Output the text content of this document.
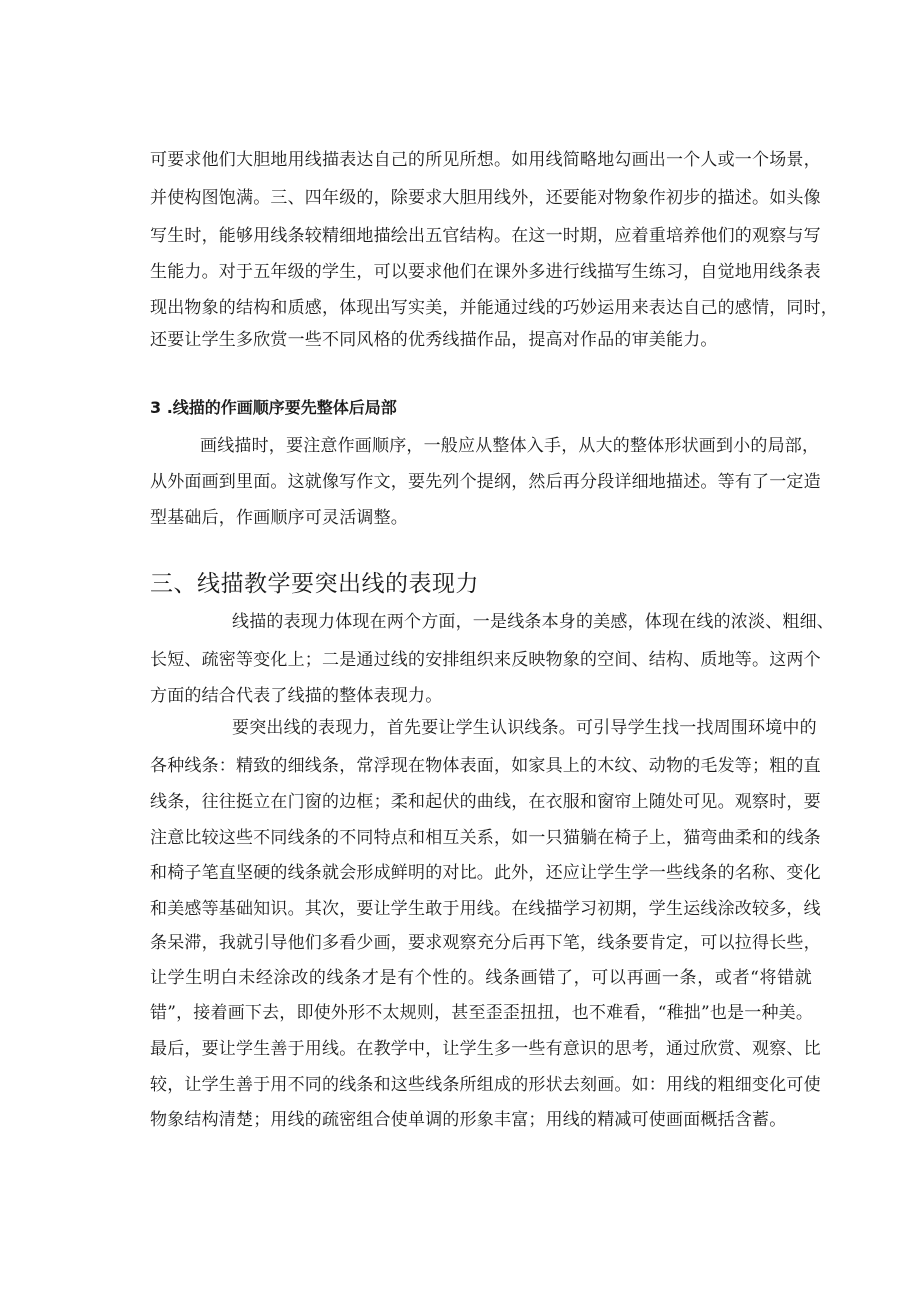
可要求他们大胆地用线描表达自己的所见所想。如用线简略地勾画出一个人或一个场景，
并使构图饱满。三、四年级的，除要求大胆用线外，还要能对物象作初步的描述。如头像
写生时，能够用线条较精细地描绘出五官结构。在这一时期，应着重培养他们的观察与写
生能力。对于五年级的学生，可以要求他们在课外多进行线描写生练习，自觉地用线条表
现出物象的结构和质感，体现出写实美，并能通过线的巧妙运用来表达自己的感情，同时，
还要让学生多欣赏一些不同风格的优秀线描作品，提高对作品的审美能力。
3 .线描的作画顺序要先整体后局部
画线描时，要注意作画顺序，一般应从整体入手，从大的整体形状画到小的局部，
从外面画到里面。这就像写作文，要先列个提纲，然后再分段详细地描述。等有了一定造
型基础后，作画顺序可灵活调整。
三、线描教学要突出线的表现力
线描的表现力体现在两个方面，一是线条本身的美感，体现在线的浓淡、粗细、
长短、疏密等变化上；二是通过线的安排组织来反映物象的空间、结构、质地等。这两个
方面的结合代表了线描的整体表现力。
要突出线的表现力，首先要让学生认识线条。可引导学生找一找周围环境中的
各种线条：精致的细线条，常浮现在物体表面，如家具上的木纹、动物的毛发等；粗的直
线条，往往挺立在门窗的边框；柔和起伏的曲线，在衣服和窗帘上随处可见。观察时，要
注意比较这些不同线条的不同特点和相互关系，如一只猫躺在椅子上，猫弯曲柔和的线条
和椅子笔直坚硬的线条就会形成鲜明的对比。此外，还应让学生学一些线条的名称、变化
和美感等基础知识。其次，要让学生敢于用线。在线描学习初期，学生运线涂改较多，线
条呆滞，我就引导他们多看少画，要求观察充分后再下笔，线条要肯定，可以拉得长些，
让学生明白未经涂改的线条才是有个性的。线条画错了，可以再画一条，或者“将错就
错”，接着画下去，即使外形不太规则，甚至歪歪扭扭，也不难看，“稚拙”也是一种美。
最后，要让学生善于用线。在教学中，让学生多一些有意识的思考，通过欣赏、观察、比
较，让学生善于用不同的线条和这些线条所组成的形状去刻画。如：用线的粗细变化可使
物象结构清楚；用线的疏密组合使单调的形象丰富；用线的精减可使画面概括含蓄。
